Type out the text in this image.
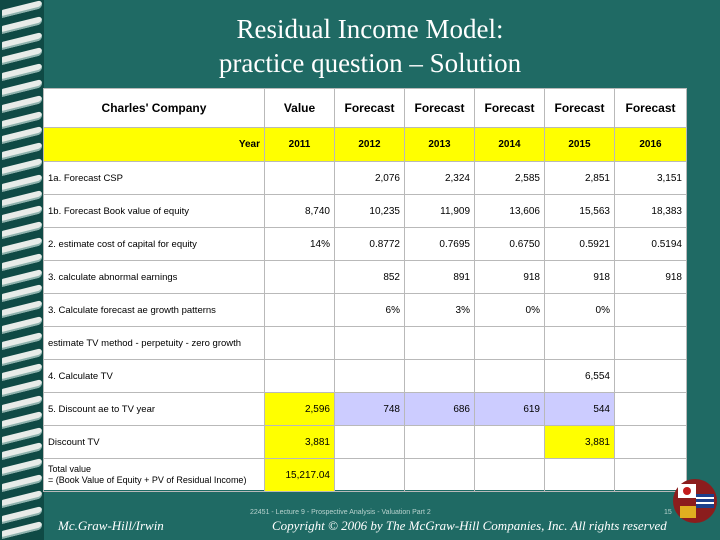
Residual Income Model:
practice question – Solution
Charles' Company	Value	Forecast	Forecast	Forecast	Forecast	Forecast
Year	2011	2012	2013	2014	2015	2016
1a. Forecast CSP		2,076	2,324	2,585	2,851	3,151
1b. Forecast Book value of equity	8,740	10,235	11,909	13,606	15,563	18,383
2. estimate cost of capital for equity	14%	0.8772	0.7695	0.6750	0.5921	0.5194
3. calculate abnormal earnings		852	891	918	918	918
3. Calculate forecast ae growth patterns		6%	3%	0%	0%	
estimate TV method - perpetuity - zero growth						
4. Calculate TV					6,554	
5. Discount ae to TV year	2,596	748	686	619	544	
Discount TV	3,881				3,881	
Total value
= (Book Value of Equity + PV of Residual Income)	15,217.04					
22451 - Lecture 9 - Prospective Analysis - Valuation Part 2	15
Mc.Graw-Hill/Irwin	Copyright © 2006 by The McGraw-Hill Companies, Inc. All rights reserved
